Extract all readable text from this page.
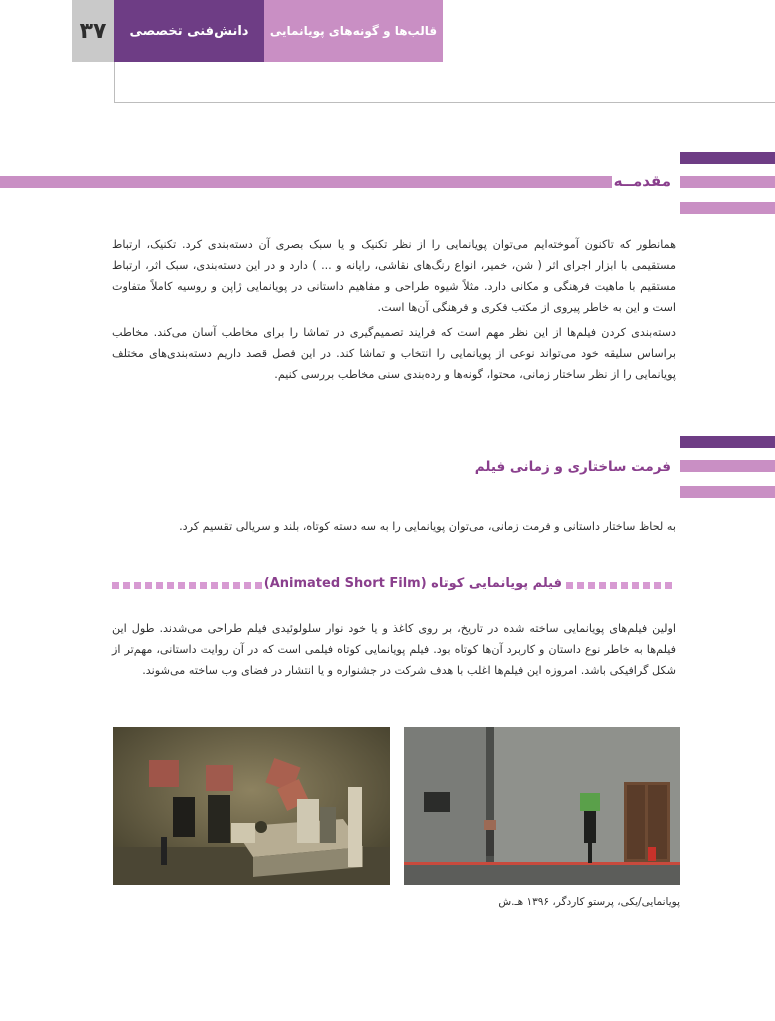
۳۷	دانش‌فنی تخصصی	قالب‌ها و گونه‌های پویانمایی
مقدمــه
همانطور که تاکنون آموخته‌ایم می‌توان پویانمایی را از نظر تکنیک و یا سبک بصری آن دسته‌بندی کرد. تکنیک، ارتباط مستقیمی با ابزار اجرای اثر ( شن، خمیر، انواع رنگ‌های نقاشی، رایانه و ... ) دارد و در این دسته‌بندی، سبک اثر، ارتباط مستقیم با ماهیت فرهنگی و مکانی دارد. مثلاً شیوه طراحی و مفاهیم داستانی در پویانمایی ژاپن و روسیه کاملاً متفاوت است و این به خاطر پیروی از مکتب فکری و فرهنگی آن‌ها است.
دسته‌بندی کردن فیلم‌ها از این نظر مهم است که فرایند تصمیم‌گیری در تماشا را برای مخاطب آسان می‌کند. مخاطب براساس سلیقه خود می‌تواند نوعی از پویانمایی را انتخاب و تماشا کند. در این فصل قصد داریم دسته‌بندی‌های مختلف پویانمایی را از نظر ساختار زمانی، محتوا، گونه‌ها و رده‌بندی سنی مخاطب بررسی کنیم.
فرمت ساختاری و زمانی فیلم
به لحاظ ساختار داستانی و فرمت زمانی، می‌توان پویانمایی را به سه دسته کوتاه، بلند و سریالی تقسیم کرد.
فیلم پویانمایی کوتاه (Animated Short Film)
اولین فیلم‌های پویانمایی ساخته شده در تاریخ، بر روی کاغذ و یا خود نوار سلولوئیدی فیلم طراحی می‌شدند. طول این فیلم‌ها به خاطر نوع داستان و کاربرد آن‌ها کوتاه بود. فیلم پویانمایی کوتاه فیلمی است که در آن روایت داستانی، مهم‌تر از شکل گرافیکی باشد. امروزه این فیلم‌ها اغلب با هدف شرکت در جشنواره و یا انتشار در فضای وب ساخته می‌شوند.
پویانمایی/یکی، پرستو کارد‌گر، ۱۳۹۶ هـ.ش
